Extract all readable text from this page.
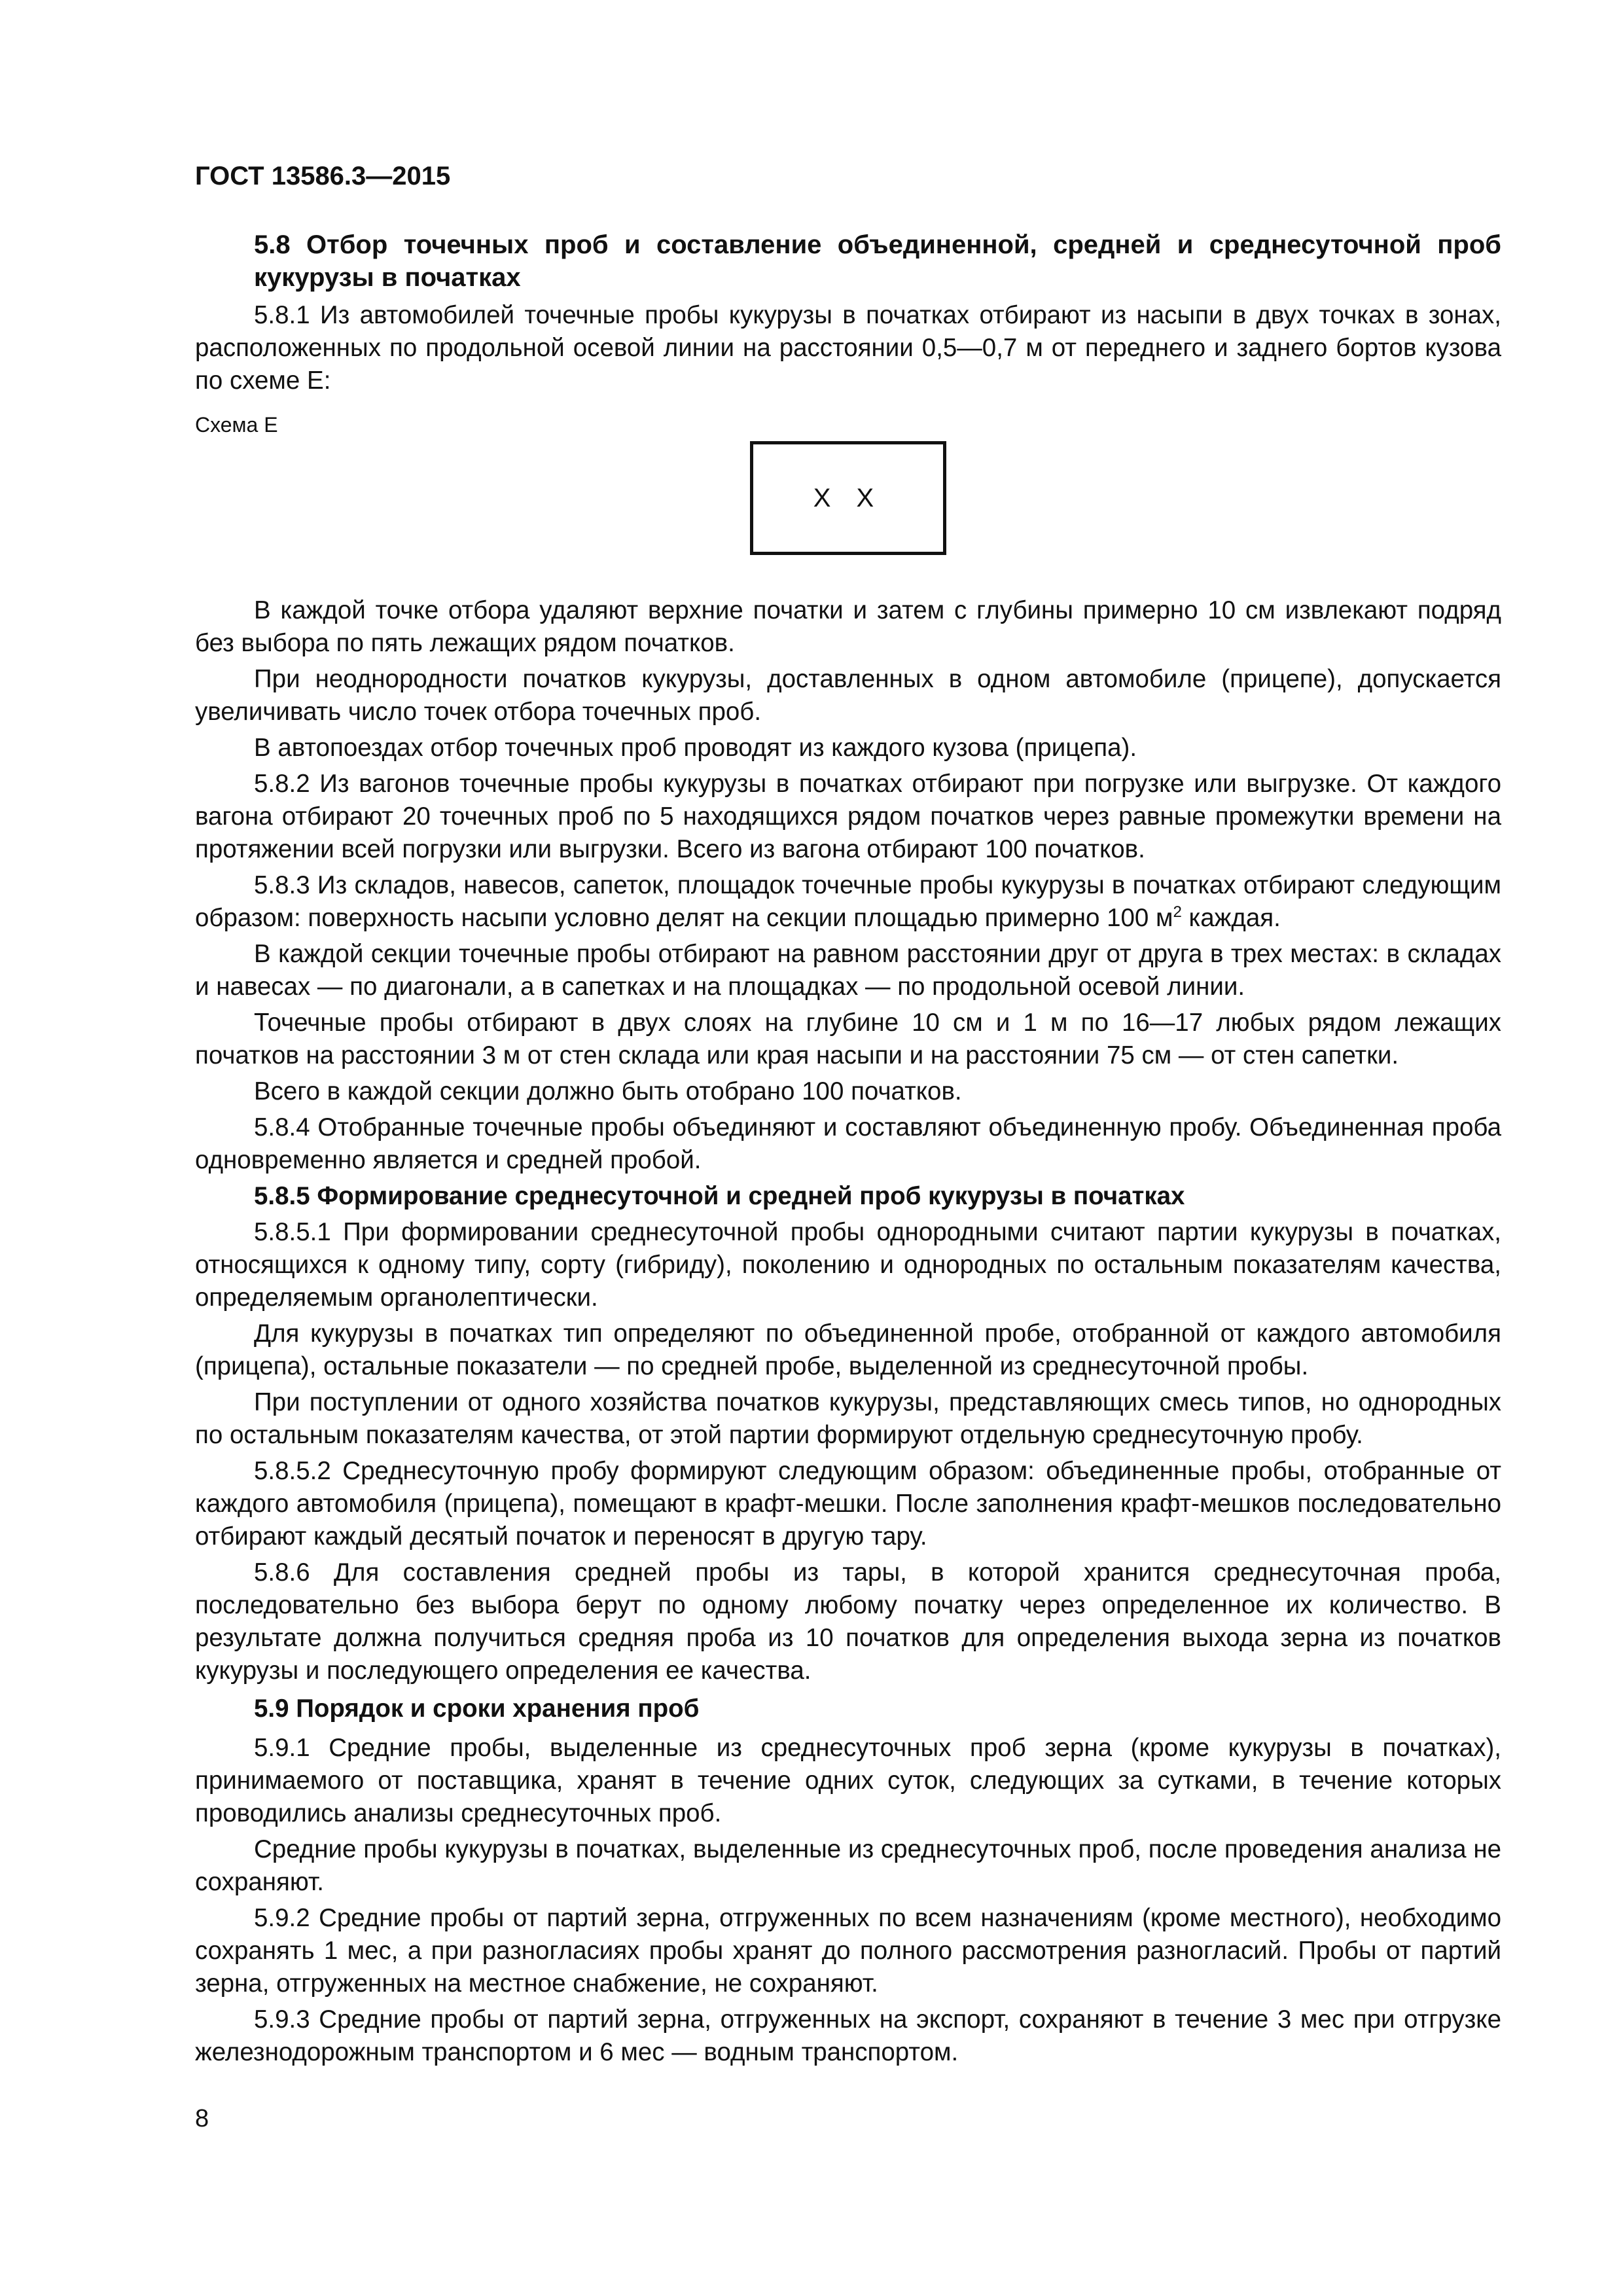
ГОСТ 13586.3—2015

5.8 Отбор точечных проб и составление объединенной, средней и среднесуточной проб кукурузы в початках

5.8.1 Из автомобилей точечные пробы кукурузы в початках отбирают из насыпи в двух точках в зонах, расположенных по продольной осевой линии на расстоянии 0,5—0,7 м от переднего и заднего бортов кузова по схеме Е:

Схема Е

X X

В каждой точке отбора удаляют верхние початки и затем с глубины примерно 10 см извлекают подряд без выбора по пять лежащих рядом початков.

При неоднородности початков кукурузы, доставленных в одном автомобиле (прицепе), допускается увеличивать число точек отбора точечных проб.

В автопоездах отбор точечных проб проводят из каждого кузова (прицепа).

5.8.2 Из вагонов точечные пробы кукурузы в початках отбирают при погрузке или выгрузке. От каждого вагона отбирают 20 точечных проб по 5 находящихся рядом початков через равные промежутки времени на протяжении всей погрузки или выгрузки. Всего из вагона отбирают 100 початков.

5.8.3 Из складов, навесов, сапеток, площадок точечные пробы кукурузы в початках отбирают следующим образом: поверхность насыпи условно делят на секции площадью примерно 100 $м^2$ каждая.

В каждой секции точечные пробы отбирают на равном расстоянии друг от друга в трех местах: в складах и навесах — по диагонали, а в сапетках и на площадках — по продольной осевой линии.

Точечные пробы отбирают в двух слоях на глубине 10 см и 1 м по 16—17 любых рядом лежащих початков на расстоянии 3 м от стен склада или края насыпи и на расстоянии 75 см — от стен сапетки.

Всего в каждой секции должно быть отобрано 100 початков.

5.8.4 Отобранные точечные пробы объединяют и составляют объединенную пробу. Объединенная проба одновременно является и средней пробой.

5.8.5 Формирование среднесуточной и средней проб кукурузы в початках

5.8.5.1 При формировании среднесуточной пробы однородными считают партии кукурузы в початках, относящихся к одному типу, сорту (гибриду), поколению и однородных по остальным показателям качества, определяемым органолептически.

Для кукурузы в початках тип определяют по объединенной пробе, отобранной от каждого автомобиля (прицепа), остальные показатели — по средней пробе, выделенной из среднесуточной пробы.

При поступлении от одного хозяйства початков кукурузы, представляющих смесь типов, но однородных по остальным показателям качества, от этой партии формируют отдельную среднесуточную пробу.

5.8.5.2 Среднесуточную пробу формируют следующим образом: объединенные пробы, отобранные от каждого автомобиля (прицепа), помещают в крафт-мешки. После заполнения крафт-мешков последовательно отбирают каждый десятый початок и переносят в другую тару.

5.8.6 Для составления средней пробы из тары, в которой хранится среднесуточная проба, последовательно без выбора берут по одному любому початку через определенное их количество. В результате должна получиться средняя проба из 10 початков для определения выхода зерна из початков кукурузы и последующего определения ее качества.

5.9 Порядок и сроки хранения проб

5.9.1 Средние пробы, выделенные из среднесуточных проб зерна (кроме кукурузы в початках), принимаемого от поставщика, хранят в течение одних суток, следующих за сутками, в течение которых проводились анализы среднесуточных проб.

Средние пробы кукурузы в початках, выделенные из среднесуточных проб, после проведения анализа не сохраняют.

5.9.2 Средние пробы от партий зерна, отгруженных по всем назначениям (кроме местного), необходимо сохранять 1 мес, а при разногласиях пробы хранят до полного рассмотрения разногласий. Пробы от партий зерна, отгруженных на местное снабжение, не сохраняют.

5.9.3 Средние пробы от партий зерна, отгруженных на экспорт, сохраняют в течение 3 мес при отгрузке железнодорожным транспортом и 6 мес — водным транспортом.

8
